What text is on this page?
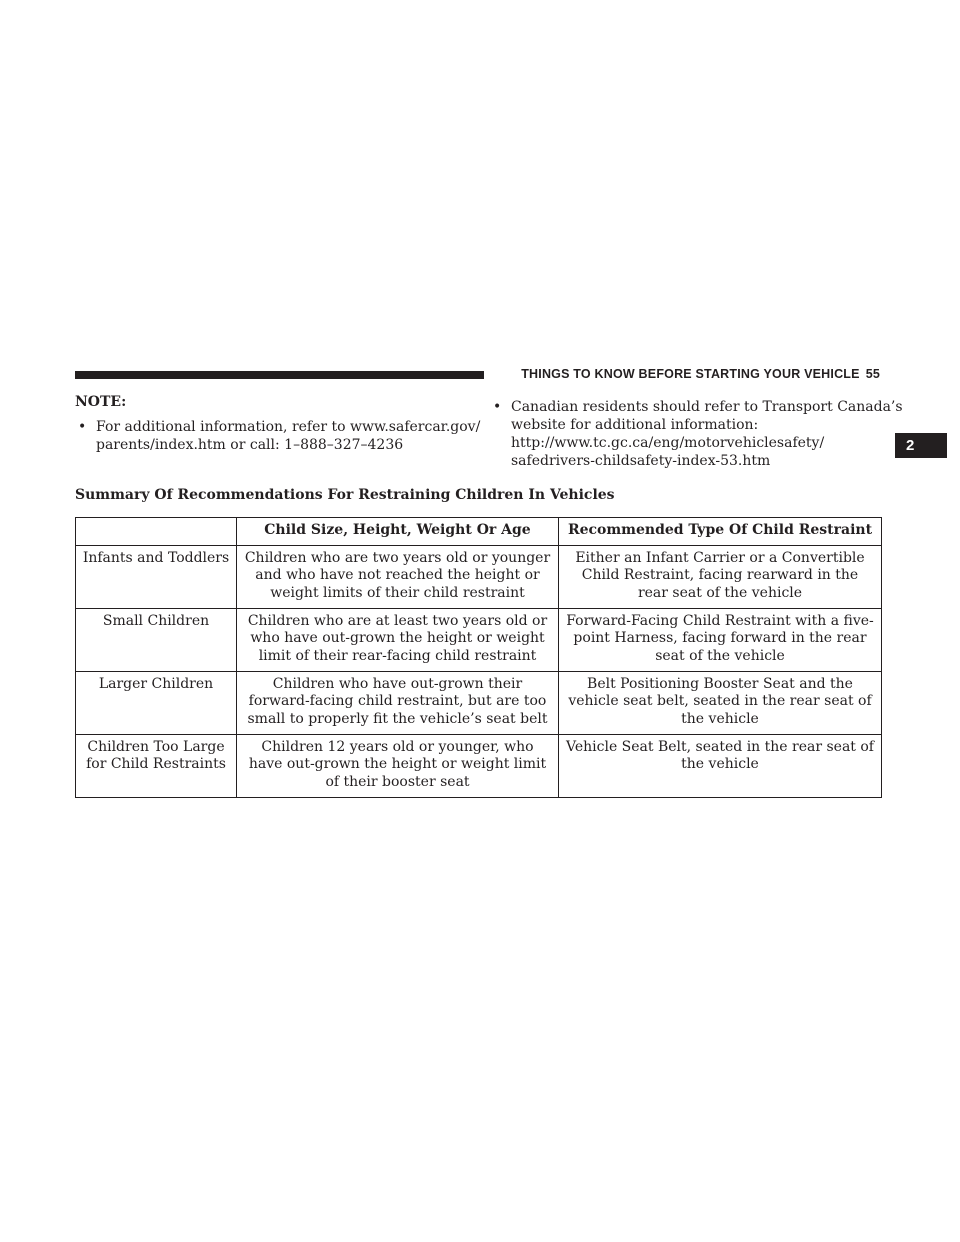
THINGS TO KNOW BEFORE STARTING YOUR VEHICLE 55
2
NOTE:
• For additional information, refer to www.safercar.gov/
parents/index.htm or call: 1–888–327–4236
• Canadian residents should refer to Transport Canada’s
website for additional information: http://www.tc.gc.ca/eng/motorvehiclesafety/ safedrivers-childsafety-index-53.htm
Summary Of Recommendations For Restraining Children In Vehicles
	Child Size, Height, Weight Or Age	Recommended Type Of Child Restraint
Infants and Toddlers	Children who are two years old or younger and who have not reached the height or weight limits of their child restraint	Either an Infant Carrier or a Convertible Child Restraint, facing rearward in the rear seat of the vehicle
Small Children	Children who are at least two years old or who have out-grown the height or weight limit of their rear-facing child restraint	Forward-Facing Child Restraint with a five-point Harness, facing forward in the rear seat of the vehicle
Larger Children	Children who have out-grown their forward-facing child restraint, but are too small to properly fit the vehicle’s seat belt	Belt Positioning Booster Seat and the vehicle seat belt, seated in the rear seat of the vehicle
Children Too Large for Child Restraints	Children 12 years old or younger, who have out-grown the height or weight limit of their booster seat	Vehicle Seat Belt, seated in the rear seat of the vehicle
